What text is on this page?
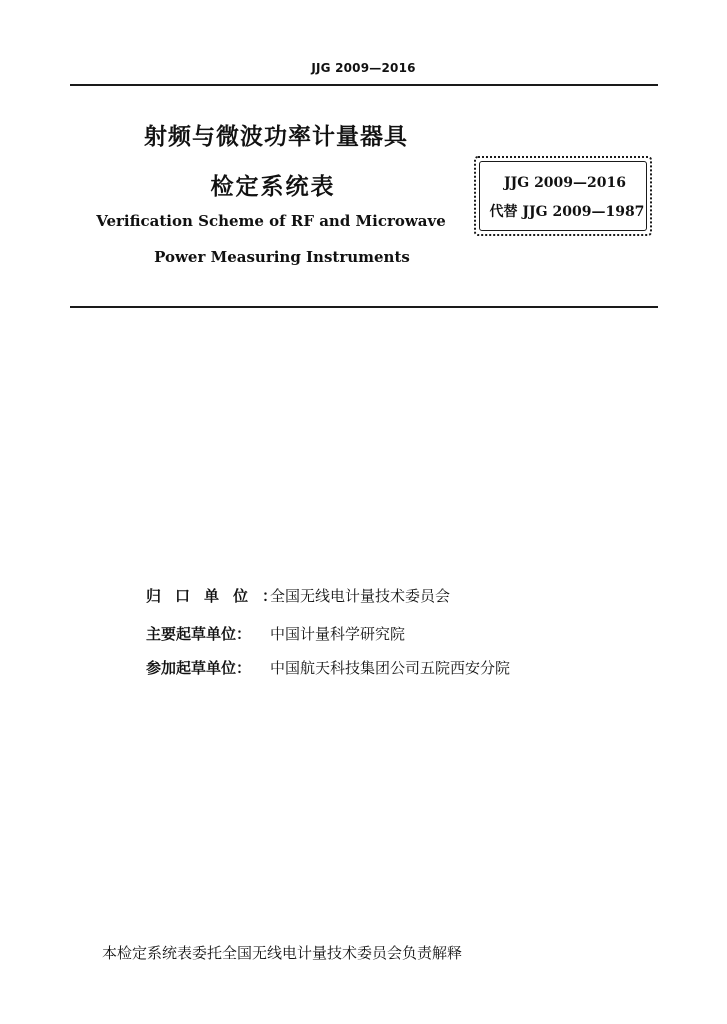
JJG 2009—2016
射频与微波功率计量器具
检定系统表
Verification Scheme of RF and Microwave
Power Measuring Instruments
JJG 2009—2016
代替 JJG 2009—1987
归口单位：全国无线电计量技术委员会
主要起草单位： 中国计量科学研究院
参加起草单位： 中国航天科技集团公司五院西安分院
本检定系统表委托全国无线电计量技术委员会负责解释
